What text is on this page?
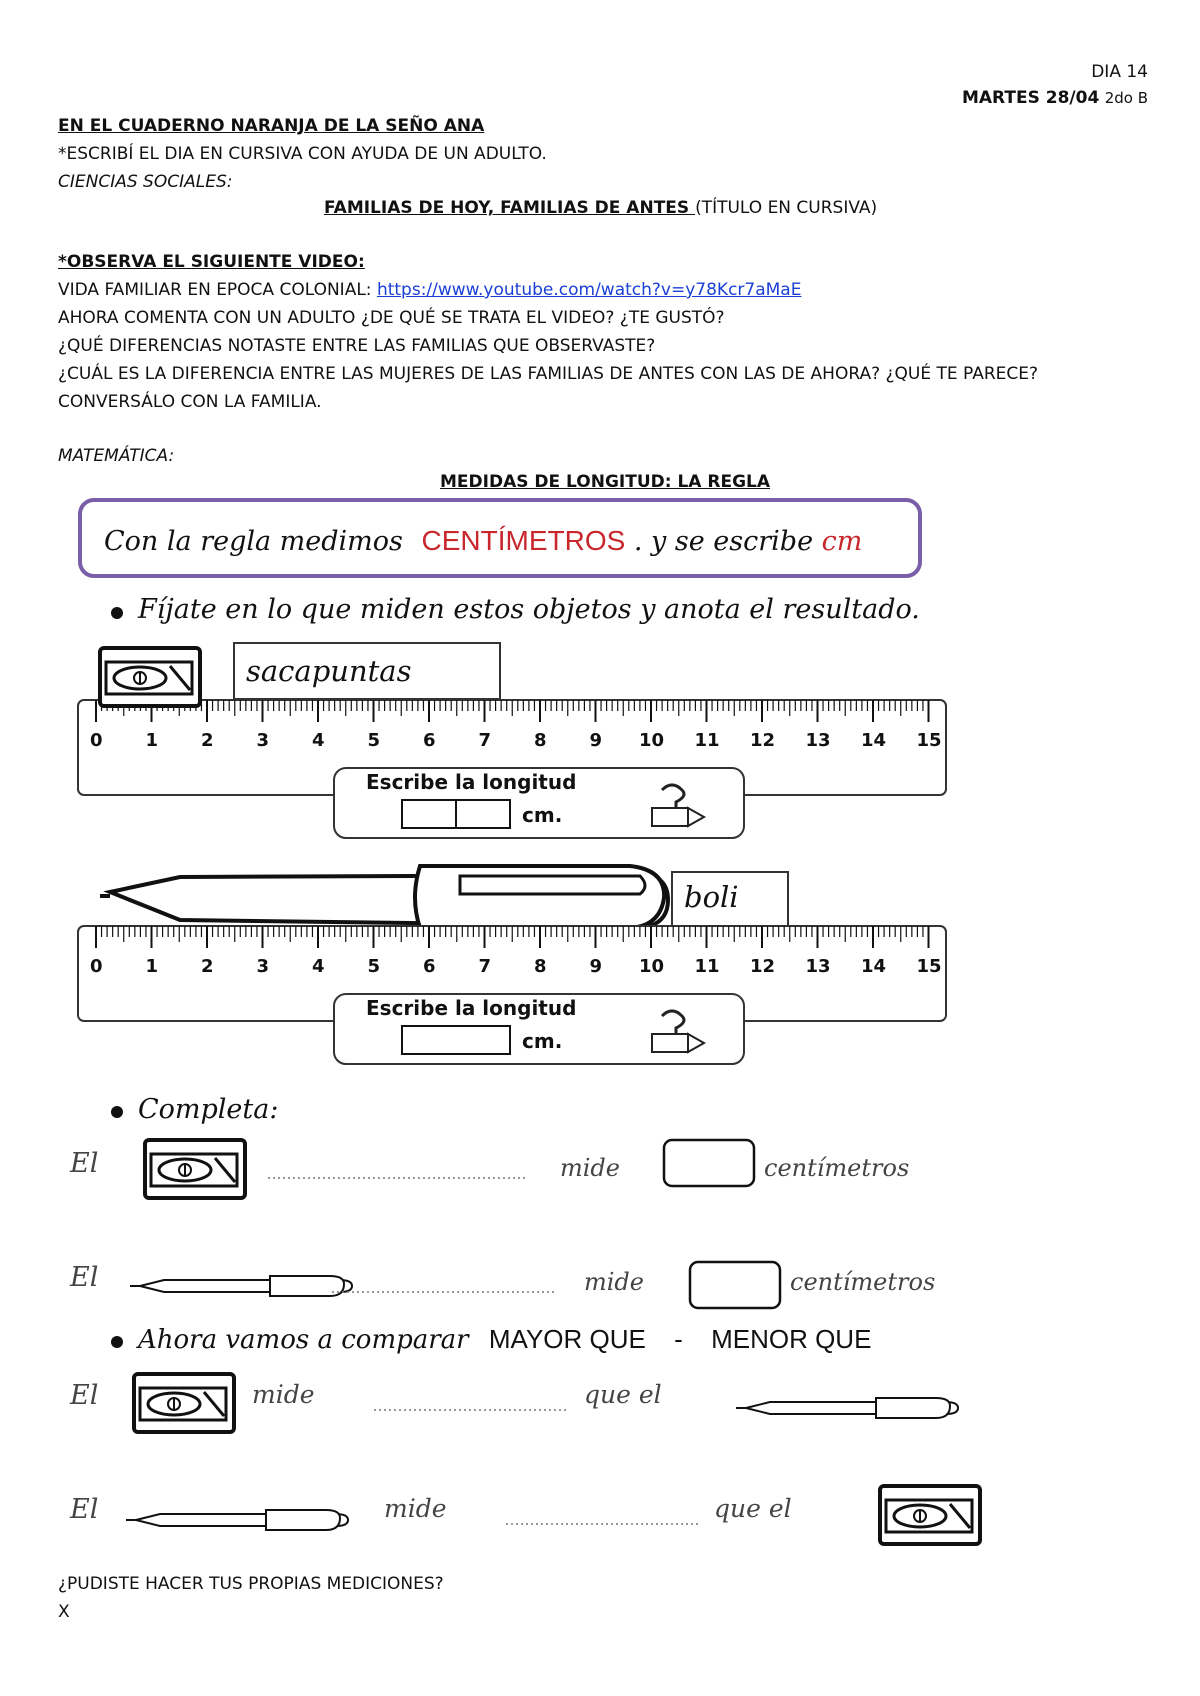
DIA 14
MARTES 28/04 2do B
EN EL CUADERNO NARANJA DE LA SEÑO ANA
*ESCRIBÍ EL DIA EN CURSIVA CON AYUDA DE UN ADULTO.
CIENCIAS SOCIALES:
FAMILIAS DE HOY, FAMILIAS DE ANTES (TÍTULO EN CURSIVA)
*OBSERVA EL SIGUIENTE VIDEO:
VIDA FAMILIAR EN EPOCA COLONIAL: https://www.youtube.com/watch?v=y78Kcr7aMaE
AHORA COMENTA CON UN ADULTO ¿DE QUÉ SE TRATA EL VIDEO? ¿TE GUSTÓ?
¿QUÉ DIFERENCIAS NOTASTE ENTRE LAS FAMILIAS QUE OBSERVASTE?
¿CUÁL ES LA DIFERENCIA ENTRE LAS MUJERES DE LAS FAMILIAS DE ANTES CON LAS DE AHORA? ¿QUÉ TE PARECE?
CONVERSÁLO CON LA FAMILIA.
MATEMÁTICA:
MEDIDAS DE LONGITUD: LA REGLA
Con la regla medimos CENTÍMETROS . y se escribe cm
Fíjate en lo que miden estos objetos y anota el resultado.
sacapuntas
boli
0 1 2 3 4 5 6 7 8 9 10 11 12 13 14 15
0 1 2 3 4 5 6 7 8 9 10 11 12 13 14 15
Escribe la longitud
cm.
Escribe la longitud
cm.
Completa:
El	mide	centímetros
El	mide	centímetros
Ahora vamos a comparar MAYOR QUE - MENOR QUE
El	mide	que el
El	mide	que el
¿PUDISTE HACER TUS PROPIAS MEDICIONES?
X
